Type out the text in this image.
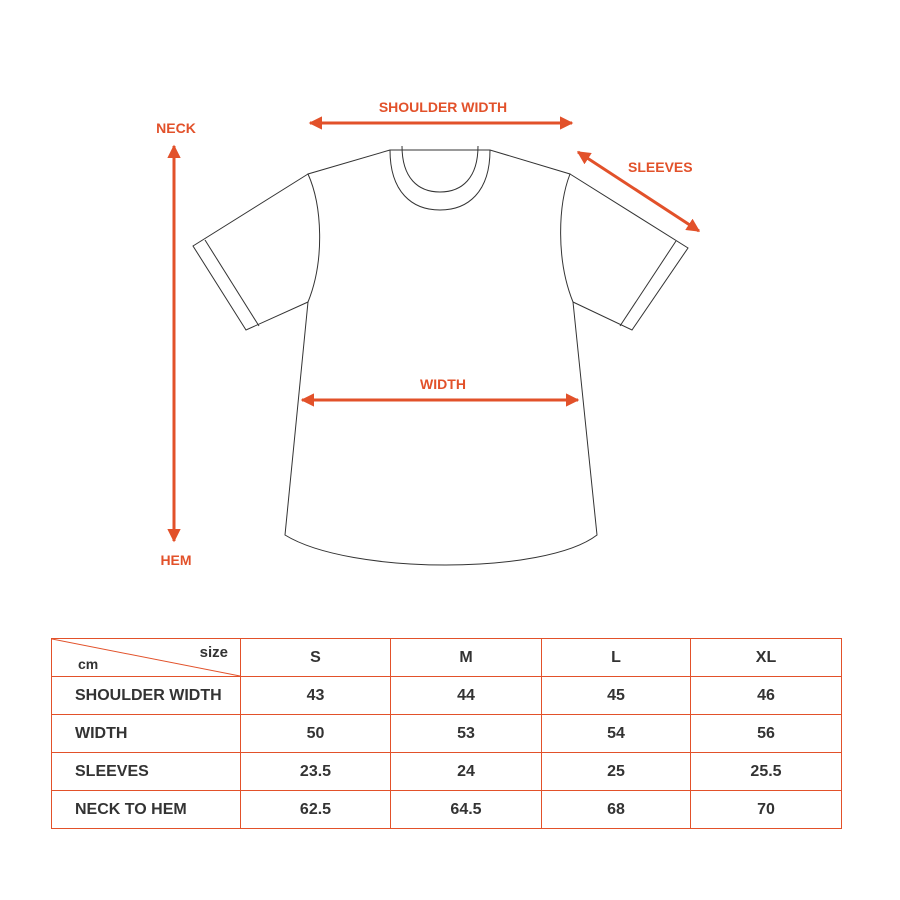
SHOULDER WIDTH
SLEEVES
NECK
HEM
WIDTH
size
cm	S	M	L	XL
SHOULDER WIDTH	43	44	45	46
WIDTH	50	53	54	56
SLEEVES	23.5	24	25	25.5
NECK TO HEM	62.5	64.5	68	70
